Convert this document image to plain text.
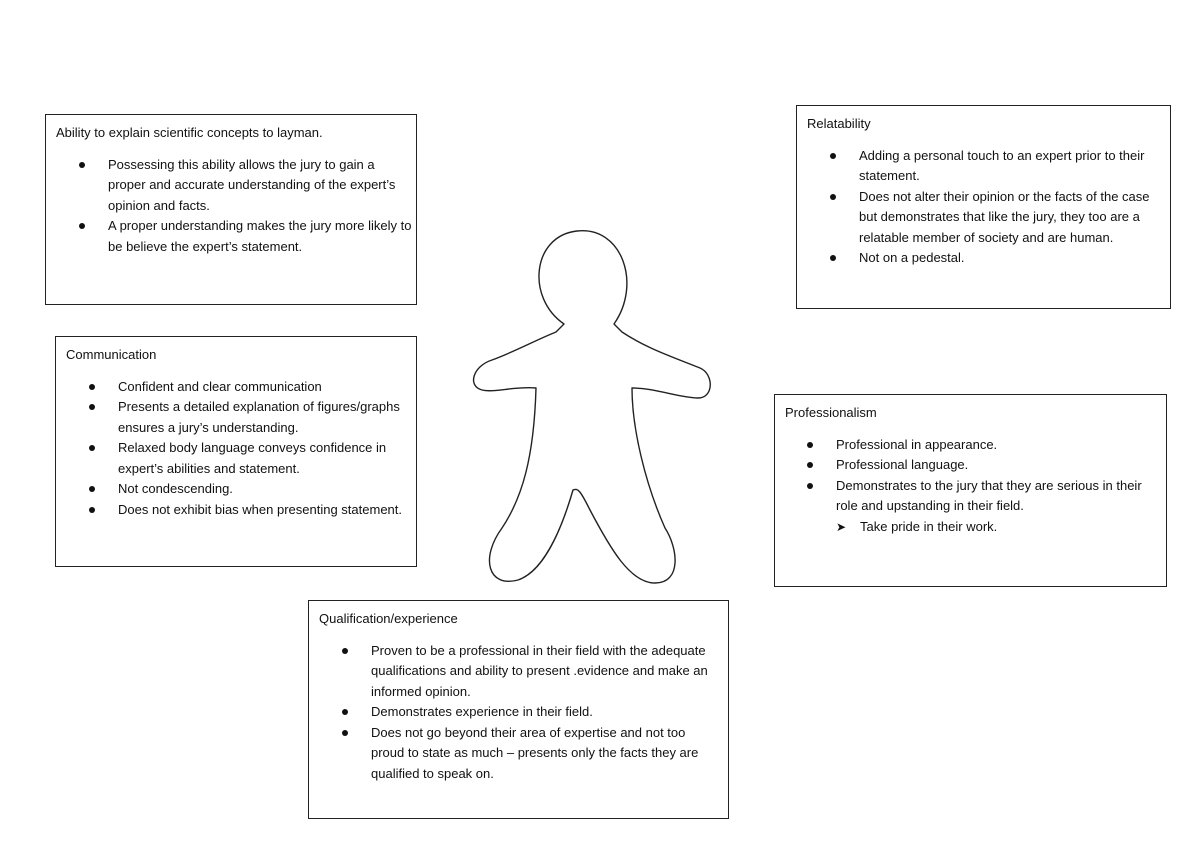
Ability to explain scientific concepts to layman.
Possessing this ability allows the jury to gain a proper and accurate understanding of the expert’s opinion and facts.
A proper understanding makes the jury more likely to be believe the expert’s statement.
Communication
Confident and clear communication
Presents a detailed explanation of figures/graphs ensures a jury’s understanding.
Relaxed body language conveys confidence in expert’s abilities and statement.
Not condescending.
Does not exhibit bias when presenting statement.
Relatability
Adding a personal touch to an expert prior to their statement.
Does not alter their opinion or the facts of the case but demonstrates that like the jury, they too are a relatable member of society and are human.
Not on a pedestal.
Professionalism
Professional in appearance.
Professional language.
Demonstrates to the jury that they are serious in their role and upstanding in their field.
➤ Take pride in their work.
Qualification/experience
Proven to be a professional in their field with the adequate qualifications and ability to present .evidence and make an informed opinion.
Demonstrates experience in their field.
Does not go beyond their area of expertise and not too proud to state as much – presents only the facts they are qualified to speak on.
